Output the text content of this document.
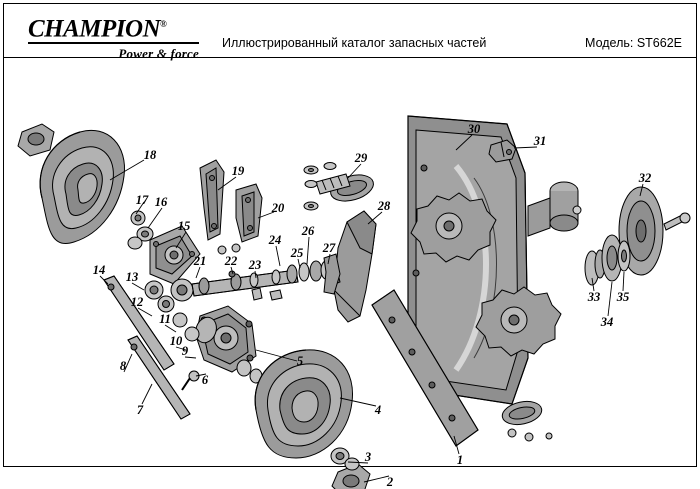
CHAMPION®
Power & force
Иллюстрированный каталог запасных частей	Модель: ST662E
18
17 16
15
19
20
14 13
12
11
10
9
8
7
6
5
4
3
2
1
21 22 23
24
25
26
27
28
29
30
31
32
33
34
35
